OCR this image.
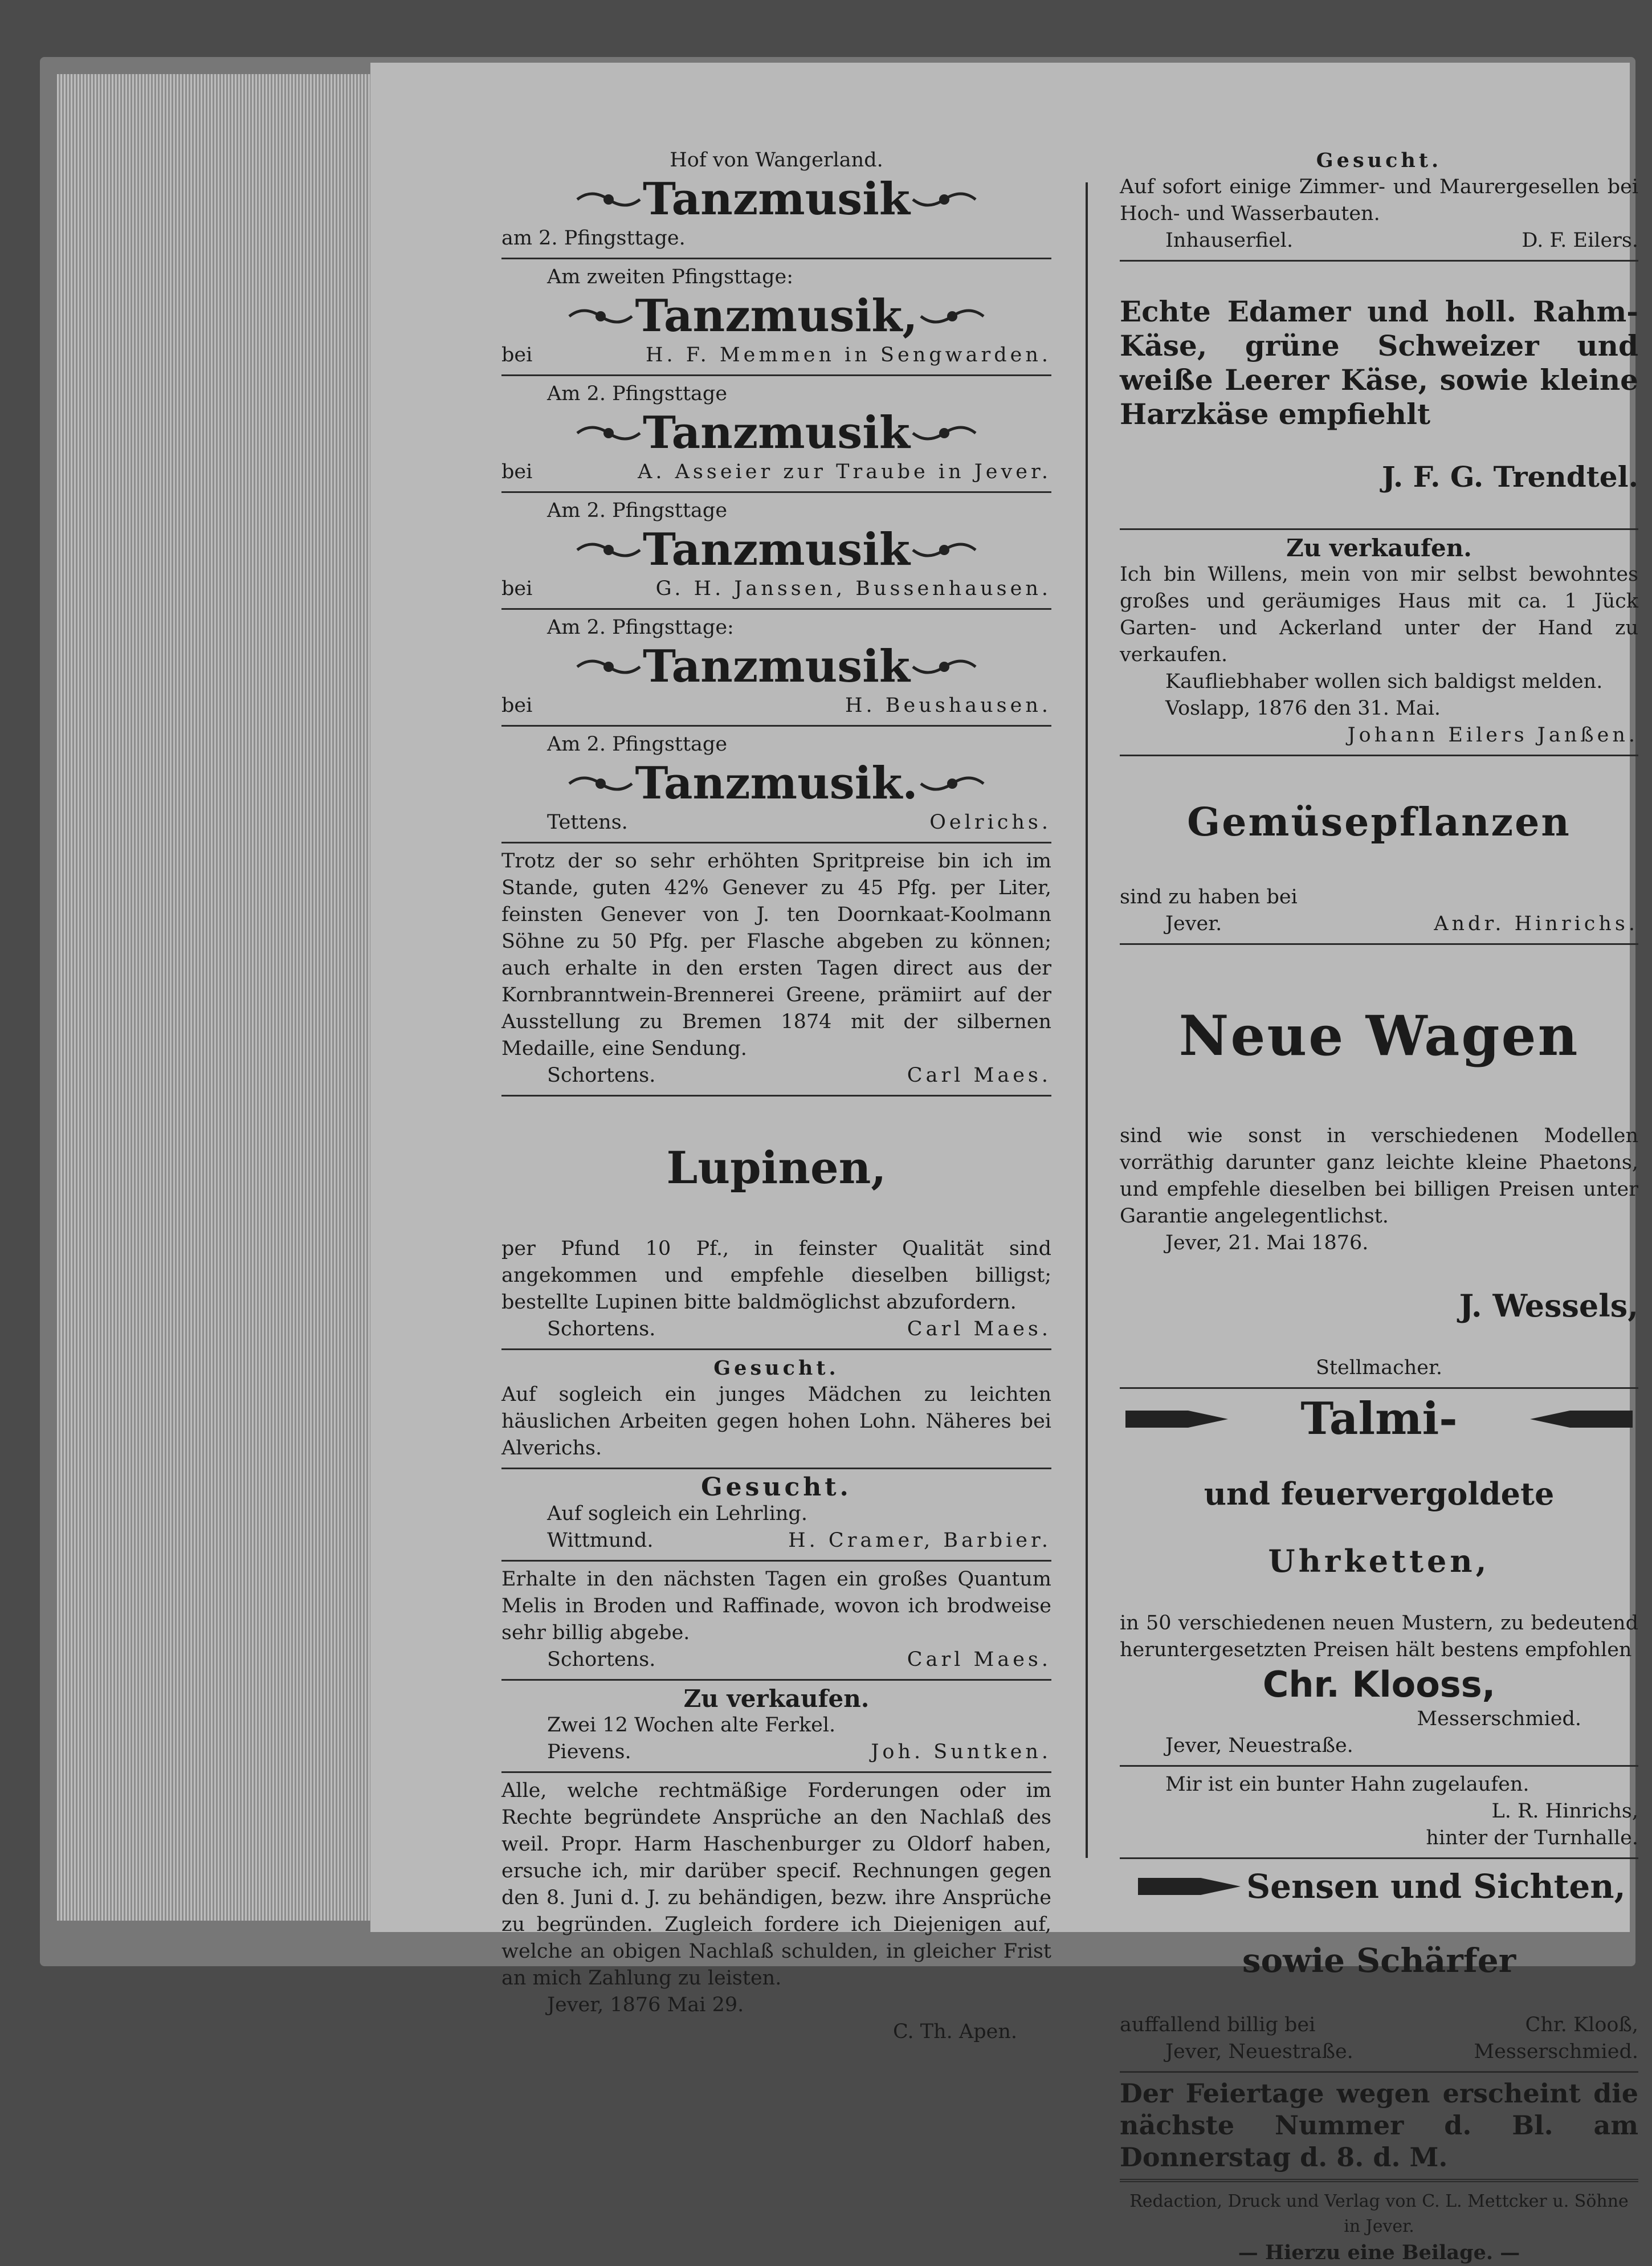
Hof von Wangerland.

Tanzmusik

am 2. Pfingsttage.

Am zweiten Pfingsttage:

Tanzmusik,
bei	H. F. Memmen in Sengwarden.

Am 2. Pfingsttage

Tanzmusik
bei	A. Asseier zur Traube in Jever.

Am 2. Pfingsttage

Tanzmusik
bei	G. H. Janssen, Bussenhausen.

Am 2. Pfingsttage:

Tanzmusik
bei	H. Beushausen.

Am 2. Pfingsttage

Tanzmusik.
Tettens.	Oelrichs.

Trotz der so sehr erhöhten Spritpreise bin ich im Stande, guten 42% Genever zu 45 Pfg. per Liter, feinsten Genever von J. ten Doornkaat-Koolmann Söhne zu 50 Pfg. per Flasche abgeben zu können; auch erhalte in den ersten Tagen direct aus der Kornbranntwein-Brennerei Greene, prämiirt auf der Ausstellung zu Bremen 1874 mit der silbernen Medaille, eine Sendung.

Schortens.	Carl Maes.

Lupinen,

per Pfund 10 Pf., in feinster Qualität sind angekommen und empfehle dieselben billigst; bestellte Lupinen bitte baldmöglichst abzufordern.

Schortens.	Carl Maes.

Gesucht.

Auf sogleich ein junges Mädchen zu leichten häuslichen Arbeiten gegen hohen Lohn. Näheres bei Alverichs.

Gesucht.

Auf sogleich ein Lehrling.

Wittmund.	H. Cramer, Barbier.

Erhalte in den nächsten Tagen ein großes Quantum Melis in Broden und Raffinade, wovon ich brodweise sehr billig abgebe.

Schortens.	Carl Maes.

Zu verkaufen.

Zwei 12 Wochen alte Ferkel.

Pievens.	Joh. Suntken.

Alle, welche rechtmäßige Forderungen oder im Rechte begründete Ansprüche an den Nachlaß des weil. Propr. Harm Haschenburger zu Oldorf haben, ersuche ich, mir darüber specif. Rechnungen gegen den 8. Juni d. J. zu behändigen, bezw. ihre Ansprüche zu begründen. Zugleich fordere ich Diejenigen auf, welche an obigen Nachlaß schulden, in gleicher Frist an mich Zahlung zu leisten.

Jever, 1876 Mai 29.

C. Th. Apen.

Gesucht.

Auf sofort einige Zimmer- und Maurergesellen bei Hoch- und Wasserbauten.

Inhauserfiel.	D. F. Eilers.

Echte Edamer und holl. Rahm-Käse, grüne Schweizer und weiße Leerer Käse, sowie kleine Harzkäse empfiehlt

J. F. G. Trendtel.

Zu verkaufen.

Ich bin Willens, mein von mir selbst bewohntes großes und geräumiges Haus mit ca. 1 Jück Garten- und Ackerland unter der Hand zu verkaufen.

Kaufliebhaber wollen sich baldigst melden.

Voslapp, 1876 den 31. Mai.

Johann Eilers Janßen.

Gemüsepflanzen

sind zu haben bei

Jever.	Andr. Hinrichs.

Neue Wagen

sind wie sonst in verschiedenen Modellen vorräthig darunter ganz leichte kleine Phaetons, und empfehle dieselben bei billigen Preisen unter Garantie angelegentlichst.

Jever, 21. Mai 1876.

J. Wessels,

Stellmacher.

Talmi-

und feuervergoldete

Uhrketten,

in 50 verschiedenen neuen Mustern, zu bedeutend heruntergesetzten Preisen hält bestens empfohlen

Chr. Klooss,

Messerschmied.

Jever, Neuestraße.

Mir ist ein bunter Hahn zugelaufen.

L. R. Hinrichs,

hinter der Turnhalle.

Sensen und Sichten,

sowie Schärfer

auffallend billig bei	Chr. Klooß,
Jever, Neuestraße.	Messerschmied.

Der Feiertage wegen erscheint die nächste Nummer d. Bl. am Donnerstag d. 8. d. M.

Redaction, Druck und Verlag von C. L. Mettcker u. Söhne in Jever.

— Hierzu eine Beilage. —
